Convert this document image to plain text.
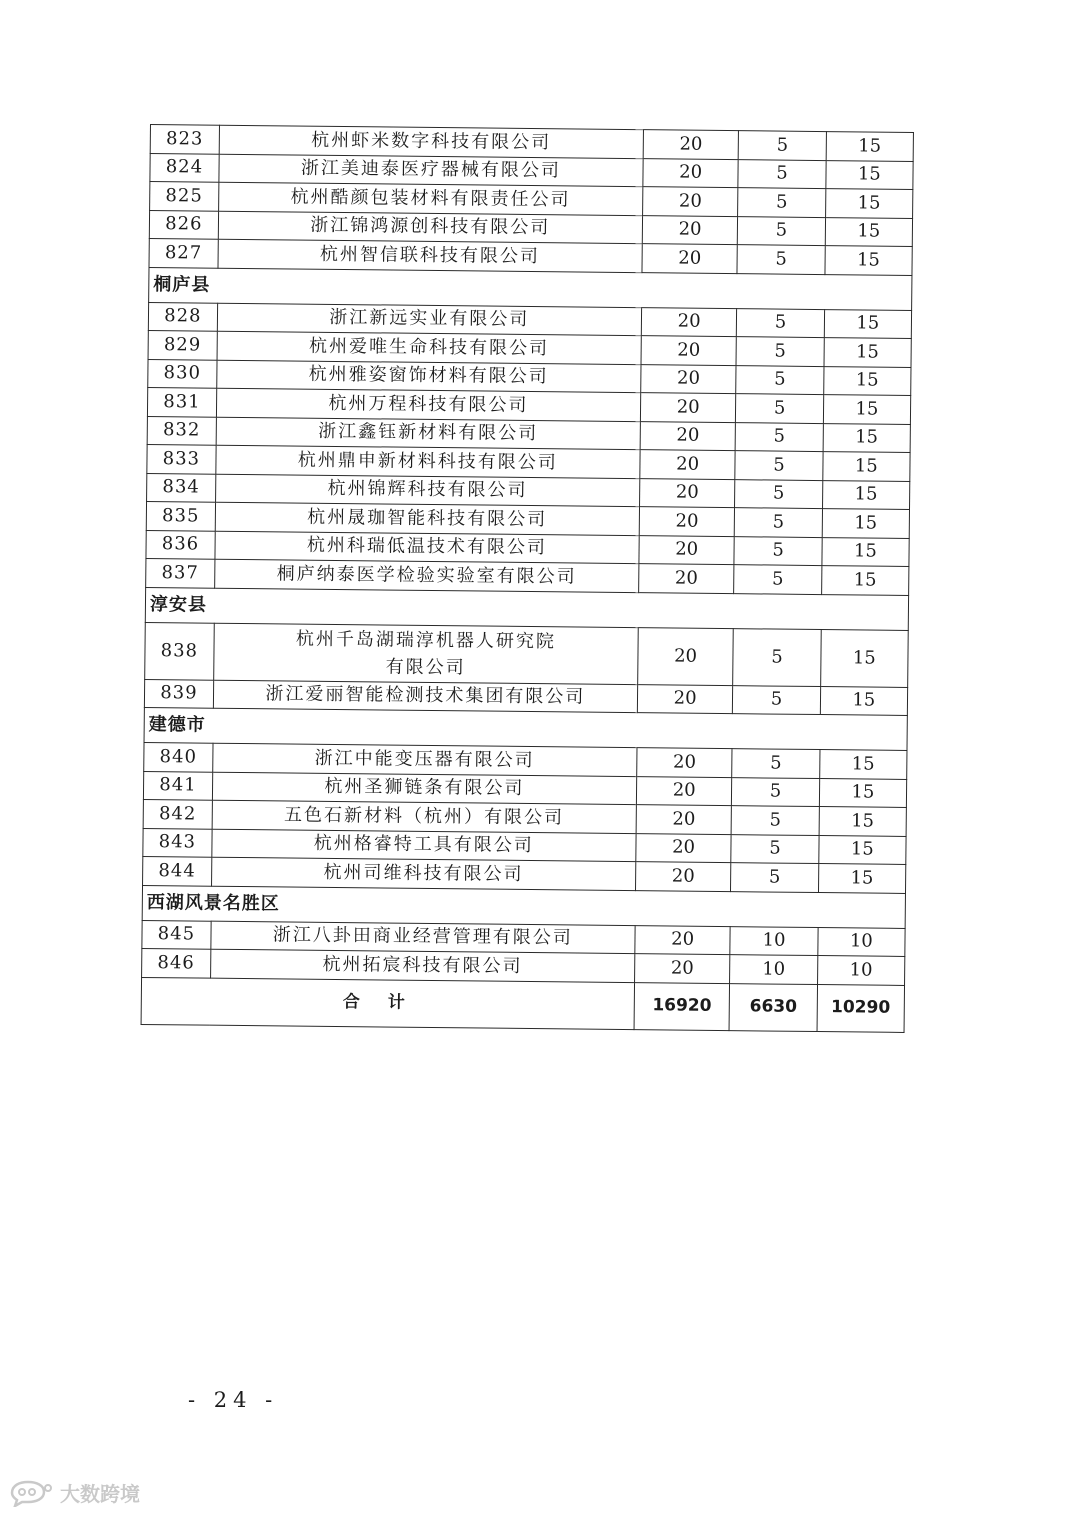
823	杭州虾米数字科技有限公司	20	5	15
824	浙江美迪泰医疗器械有限公司	20	5	15
825	杭州酷颜包装材料有限责任公司	20	5	15
826	浙江锦鸿源创科技有限公司	20	5	15
827	杭州智信联科技有限公司	20	5	15
桐庐县				
828	浙江新远实业有限公司	20	5	15
829	杭州爱唯生命科技有限公司	20	5	15
830	杭州雅姿窗饰材料有限公司	20	5	15
831	杭州万程科技有限公司	20	5	15
832	浙江鑫钰新材料有限公司	20	5	15
833	杭州鼎申新材料科技有限公司	20	5	15
834	杭州锦辉科技有限公司	20	5	15
835	杭州晟珈智能科技有限公司	20	5	15
836	杭州科瑞低温技术有限公司	20	5	15
837	桐庐纳泰医学检验实验室有限公司	20	5	15
淳安县				
838	杭州千岛湖瑞淳机器人研究院
有限公司	20	5	15
839	浙江爱丽智能检测技术集团有限公司	20	5	15
建德市				
840	浙江中能变压器有限公司	20	5	15
841	杭州圣狮链条有限公司	20	5	15
842	五色石新材料（杭州）有限公司	20	5	15
843	杭州格睿特工具有限公司	20	5	15
844	杭州司维科技有限公司	20	5	15
西湖风景名胜区				
845	浙江八卦田商业经营管理有限公司	20	10	10
846	杭州拓宸科技有限公司	20	10	10
合计		16920	6630	10290
- 24 -
大数跨境
